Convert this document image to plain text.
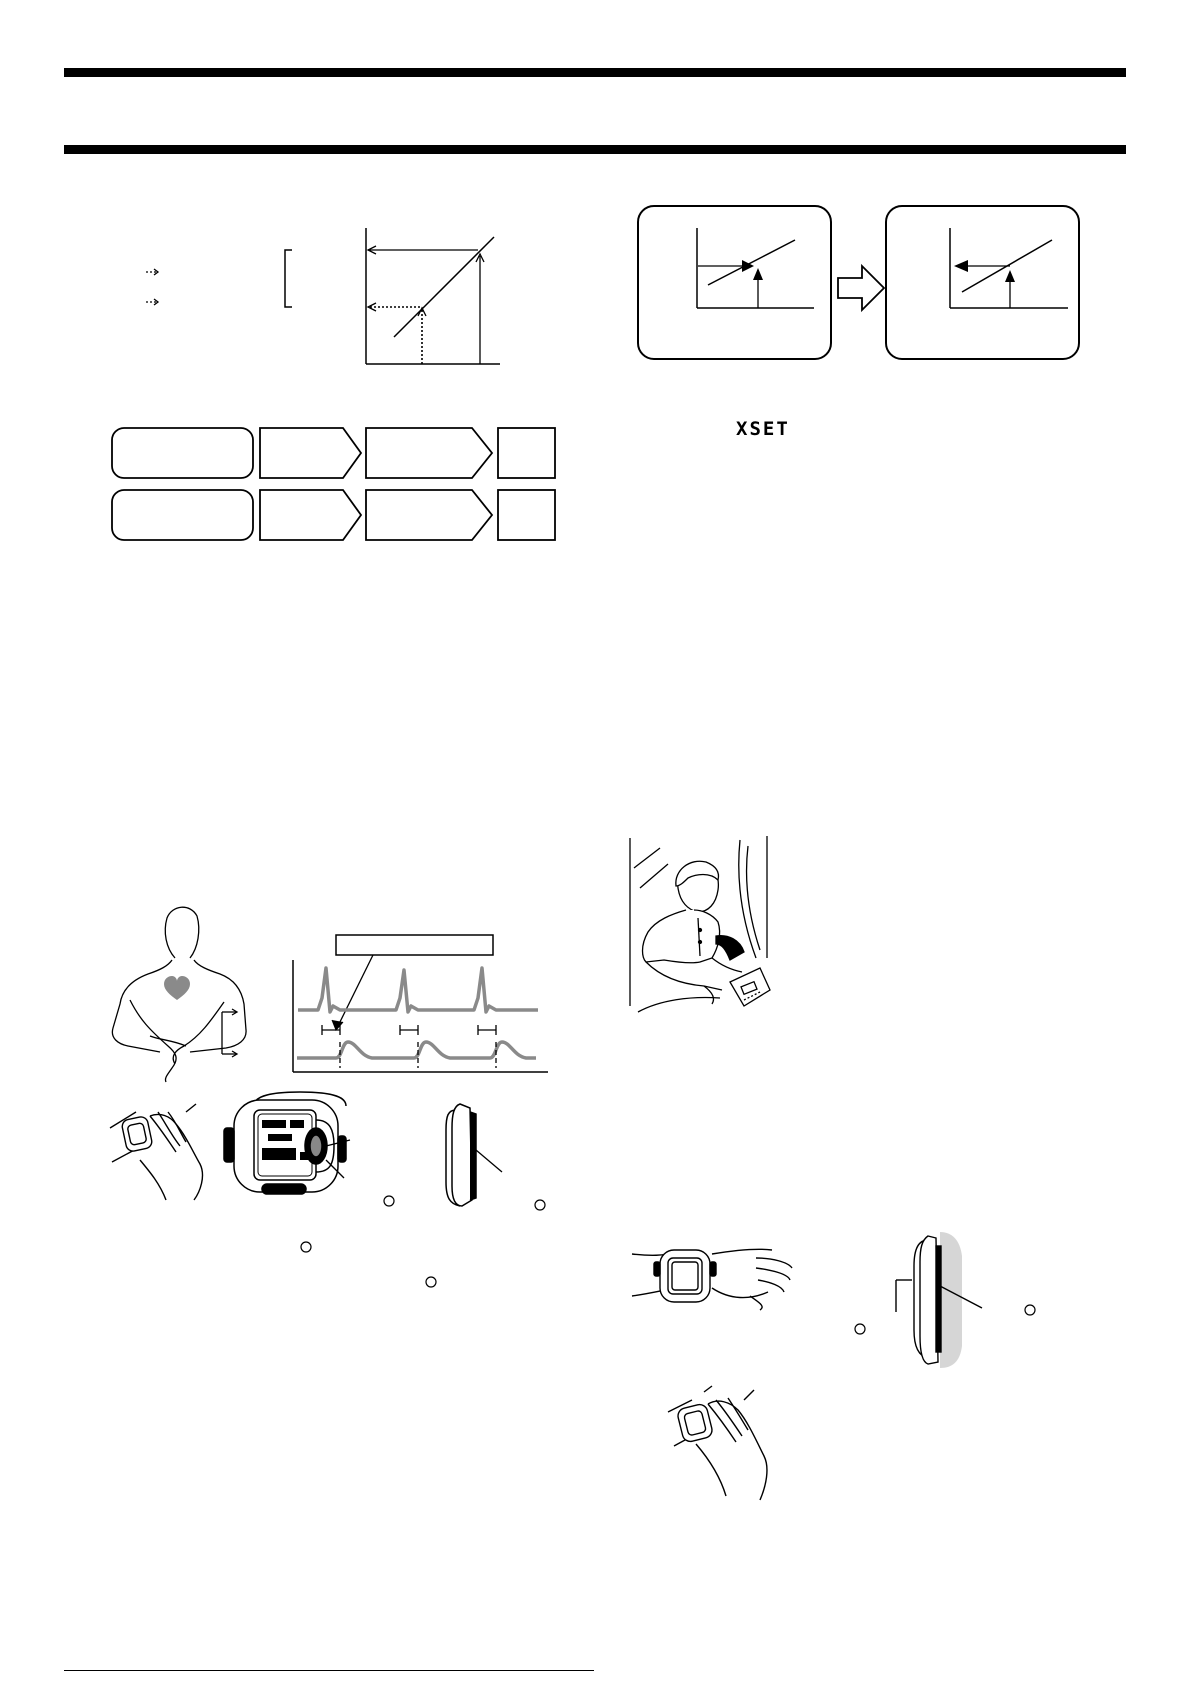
XSET
